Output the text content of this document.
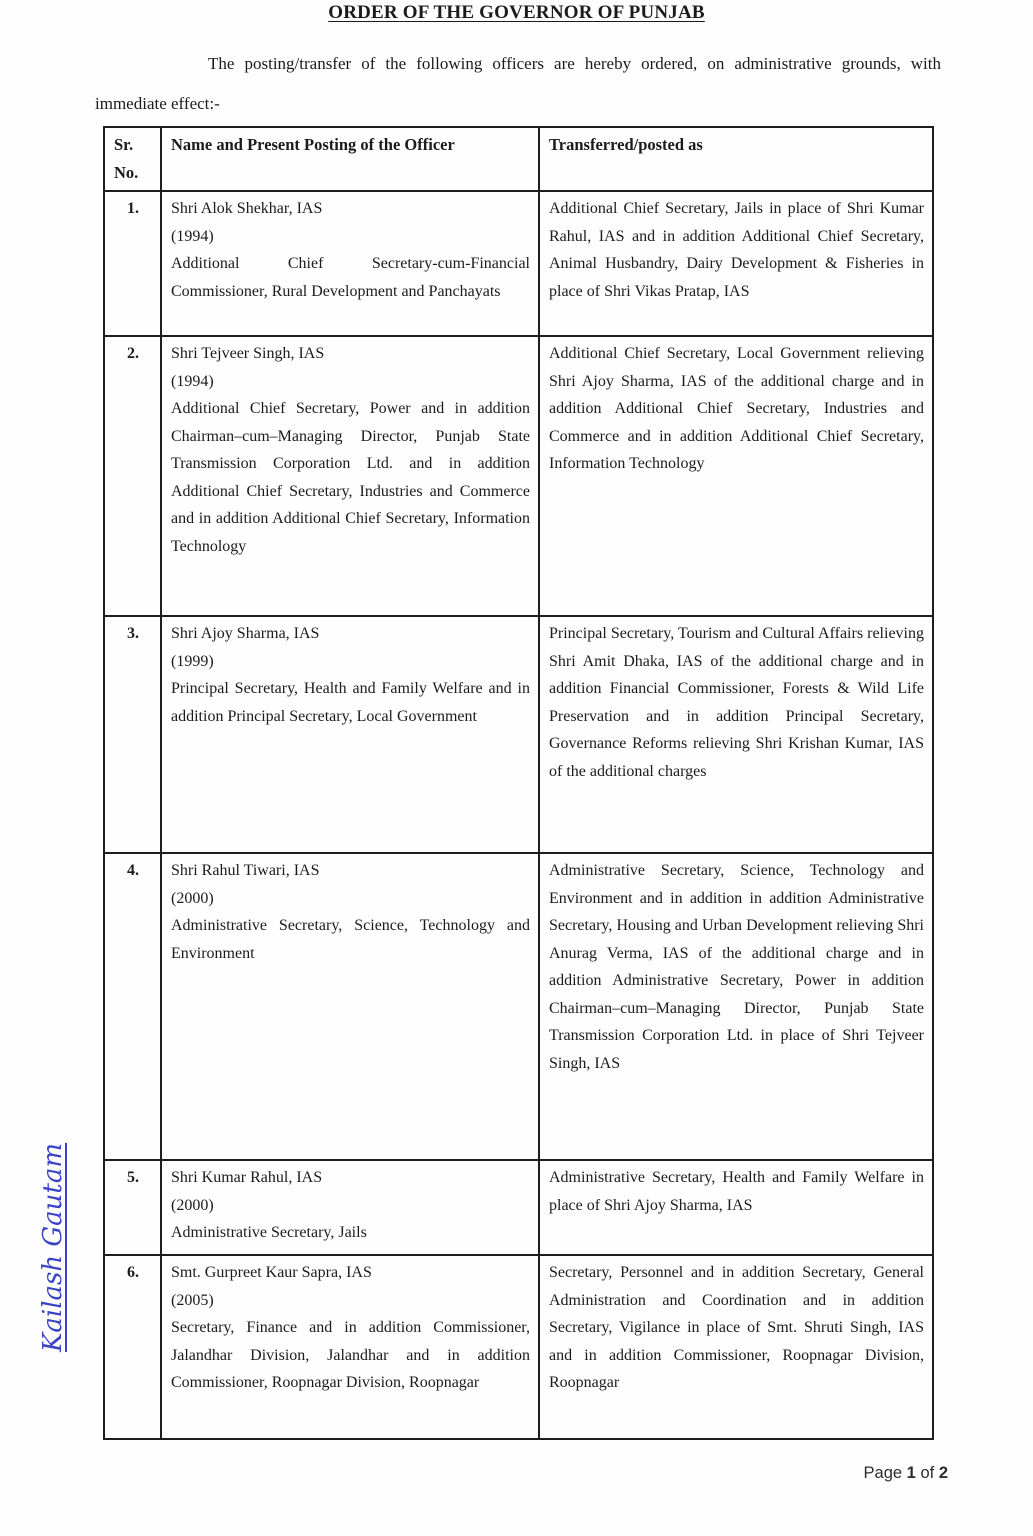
ORDER OF THE GOVERNOR OF PUNJAB

The posting/transfer of the following officers are hereby ordered, on administrative grounds, with immediate effect:-

Sr. No.	Name and Present Posting of the Officer	Transferred/posted as
1.	Shri Alok Shekhar, IAS
(1994)
Additional Chief Secretary-cum-Financial Commissioner, Rural Development and Panchayats	Additional Chief Secretary, Jails in place of Shri Kumar Rahul, IAS and in addition Additional Chief Secretary, Animal Husbandry, Dairy Development & Fisheries in place of Shri Vikas Pratap, IAS
2.	Shri Tejveer Singh, IAS
(1994)
Additional Chief Secretary, Power and in addition Chairman–cum–Managing Director, Punjab State Transmission Corporation Ltd. and in addition Additional Chief Secretary, Industries and Commerce and in addition Additional Chief Secretary, Information Technology
	Additional Chief Secretary, Local Government relieving Shri Ajoy Sharma, IAS of the additional charge and in addition Additional Chief Secretary, Industries and Commerce and in addition Additional Chief Secretary, Information Technology
3.	Shri Ajoy Sharma, IAS
(1999)
Principal Secretary, Health and Family Welfare and in addition Principal Secretary, Local Government
	Principal Secretary, Tourism and Cultural Affairs relieving Shri Amit Dhaka, IAS of the additional charge and in addition Financial Commissioner, Forests & Wild Life Preservation and in addition Principal Secretary, Governance Reforms relieving Shri Krishan Kumar, IAS of the additional charges
4.	Shri Rahul Tiwari, IAS
(2000)
Administrative Secretary, Science, Technology and Environment
	Administrative Secretary, Science, Technology and Environment and in addition in addition Administrative Secretary, Housing and Urban Development relieving Shri Anurag Verma, IAS of the additional charge and in addition Administrative Secretary, Power in addition Chairman–cum–Managing Director, Punjab State Transmission Corporation Ltd. in place of Shri Tejveer Singh, IAS
5.	Shri Kumar Rahul, IAS
(2000)
Administrative Secretary, Jails	Administrative Secretary, Health and Family Welfare in place of Shri Ajoy Sharma, IAS
6.	Smt. Gurpreet Kaur Sapra, IAS
(2005)
Secretary, Finance and in addition Commissioner, Jalandhar Division, Jalandhar and in addition Commissioner, Roopnagar Division, Roopnagar
	Secretary, Personnel and in addition Secretary, General Administration and Coordination and in addition Secretary, Vigilance in place of Smt. Shruti Singh, IAS and in addition Commissioner, Roopnagar Division, Roopnagar
Kailash Gautam
Page 1 of 2
